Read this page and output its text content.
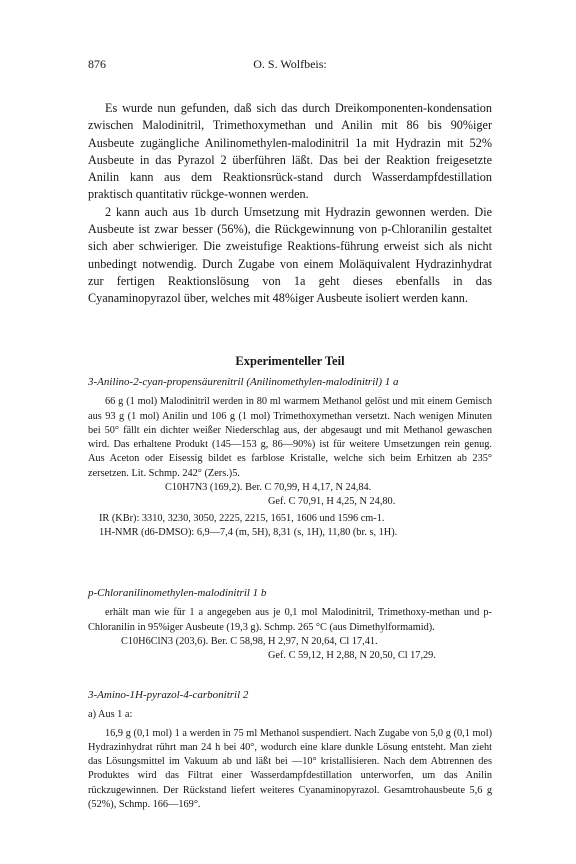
876	O. S. Wolfbeis:

Es wurde nun gefunden, daß sich das durch Dreikomponenten-kondensation zwischen Malodinitril, Trimethoxymethan und Anilin mit 86 bis 90%iger Ausbeute zugängliche Anilinomethylen-malodinitril 1a mit Hydrazin mit 52% Ausbeute in das Pyrazol 2 überführen läßt. Das bei der Reaktion freigesetzte Anilin kann aus dem Reaktionsrück-stand durch Wasserdampfdestillation praktisch quantitativ rückge-wonnen werden.

2 kann auch aus 1b durch Umsetzung mit Hydrazin gewonnen werden. Die Ausbeute ist zwar besser (56%), die Rückgewinnung von p-Chloranilin gestaltet sich aber schwieriger. Die zweistufige Reaktions-führung erweist sich als nicht unbedingt notwendig. Durch Zugabe von einem Moläquivalent Hydrazinhydrat zur fertigen Reaktionslösung von 1a geht dieses ebenfalls in das Cyanaminopyrazol über, welches mit 48%iger Ausbeute isoliert werden kann.

Experimenteller Teil
3-Anilino-2-cyan-propensäurenitril (Anilinomethylen-malodinitril) 1 a

66 g (1 mol) Malodinitril werden in 80 ml warmem Methanol gelöst und mit einem Gemisch aus 93 g (1 mol) Anilin und 106 g (1 mol) Trimethoxymethan versetzt. Nach wenigen Minuten bei 50° fällt ein dichter weißer Niederschlag aus, der abgesaugt und mit Methanol gewaschen wird. Das erhaltene Produkt (145—153 g, 86—90%) ist für weitere Umsetzungen rein genug. Aus Aceton oder Eisessig bildet es farblose Kristalle, welche sich beim Erhitzen ab 235° zersetzen. Lit. Schmp. 242° (Zers.)5.

C10H7N3 (169,2). Ber. C 70,99, H 4,17, N 24,84.
Gef. C 70,91, H 4,25, N 24,80.
IR (KBr): 3310, 3230, 3050, 2225, 2215, 1651, 1606 und 1596 cm-1.
1H-NMR (d6-DMSO): 6,9—7,4 (m, 5H), 8,31 (s, 1H), 11,80 (br. s, 1H).
p-Chloranilinomethylen-malodinitril 1 b

erhält man wie für 1 a angegeben aus je 0,1 mol Malodinitril, Trimethoxy-methan und p-Chloranilin in 95%iger Ausbeute (19,3 g). Schmp. 265 °C (aus Dimethylformamid).

C10H6ClN3 (203,6). Ber. C 58,98, H 2,97, N 20,64, Cl 17,41.
Gef. C 59,12, H 2,88, N 20,50, Cl 17,29.
3-Amino-1H-pyrazol-4-carbonitril 2
a) Aus 1 a:

16,9 g (0,1 mol) 1 a werden in 75 ml Methanol suspendiert. Nach Zugabe von 5,0 g (0,1 mol) Hydrazinhydrat rührt man 24 h bei 40°, wodurch eine klare dunkle Lösung entsteht. Man zieht das Lösungsmittel im Vakuum ab und läßt bei —10° kristallisieren. Nach dem Abtrennen des Produktes wird das Filtrat einer Wasserdampfdestillation unterworfen, um das Anilin rückzugewinnen. Der Rückstand liefert weiteres Cyanaminopyrazol. Gesamtrohausbeute 5,6 g (52%), Schmp. 166—169°.
